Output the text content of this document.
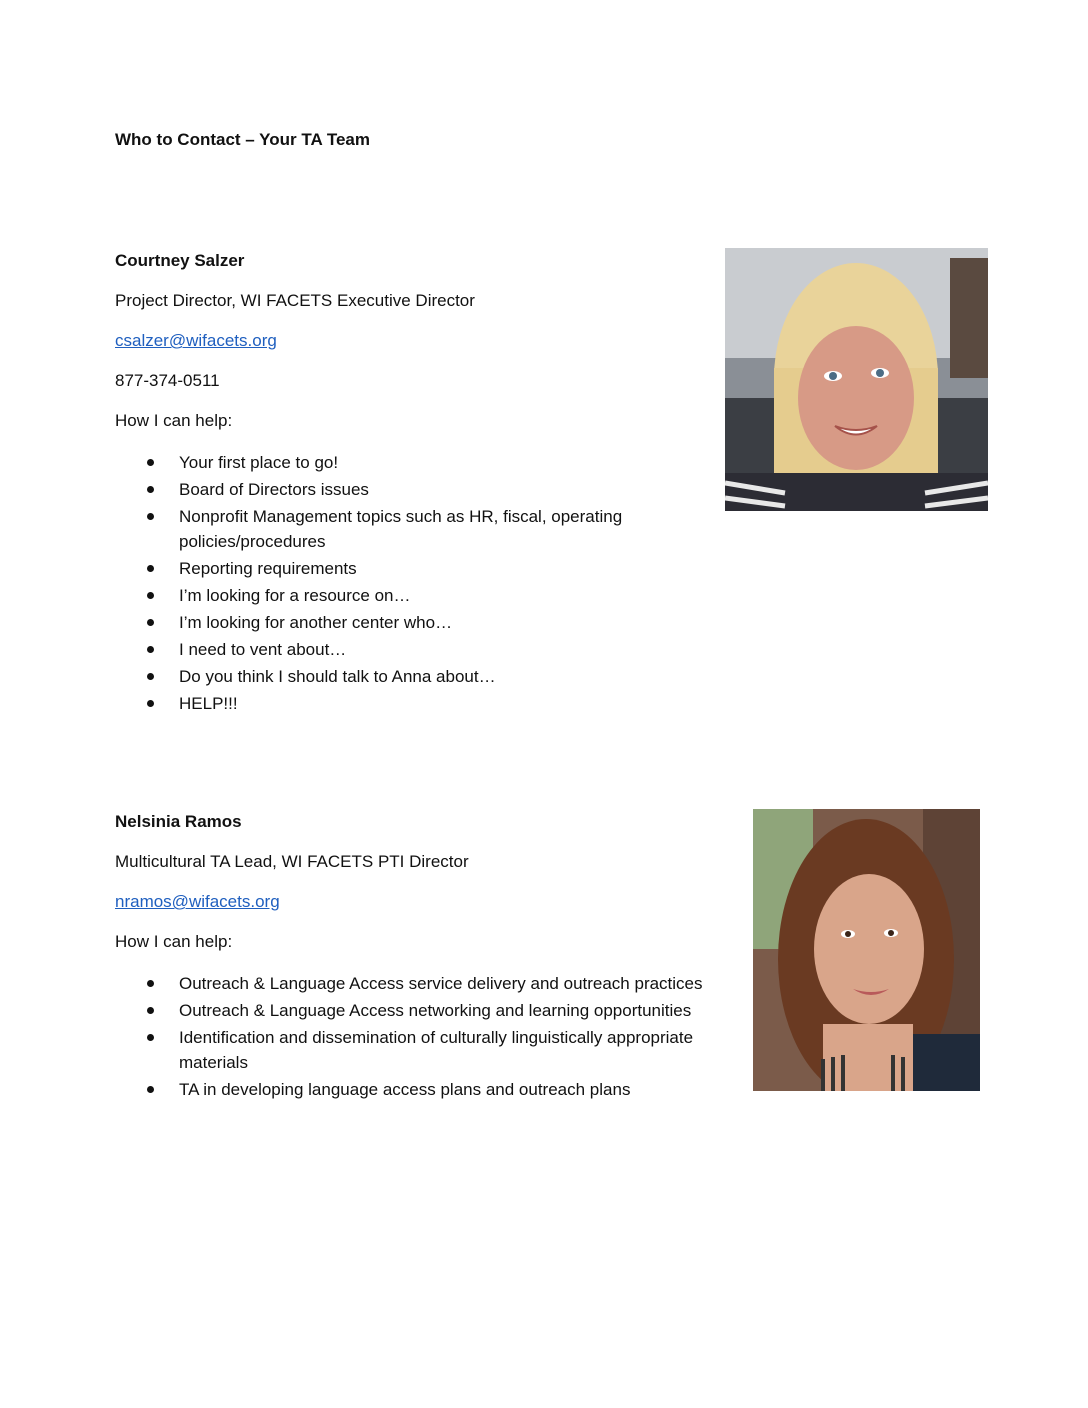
Who to Contact – Your TA Team

Courtney Salzer

Project Director, WI FACETS Executive Director

csalzer@wifacets.org

877-374-0511

How I can help:

Your first place to go!
Board of Directors issues
Nonprofit Management topics such as HR, fiscal, operating policies/procedures
Reporting requirements
I’m looking for a resource on…
I’m looking for another center who…
I need to vent about…
Do you think I should talk to Anna about…
HELP!!!

Nelsinia Ramos

Multicultural TA Lead, WI FACETS PTI Director

nramos@wifacets.org

How I can help:

Outreach & Language Access service delivery and outreach practices
Outreach & Language Access networking and learning opportunities
Identification and dissemination of culturally linguistically appropriate materials
TA in developing language access plans and outreach plans
